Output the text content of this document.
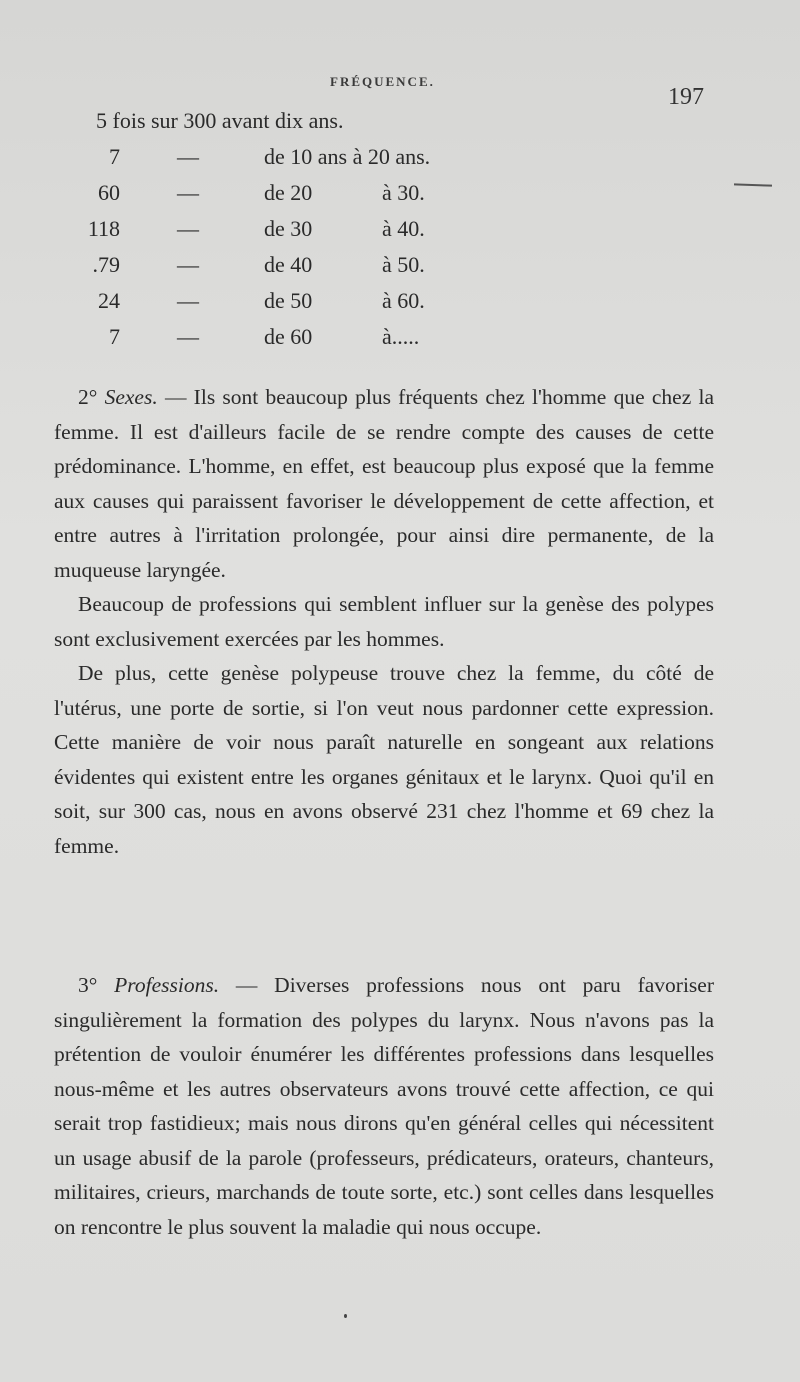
FRÉQUENCE.
197
5 fois sur 300 avant dix ans.
7	—	de 10 ans à 20 ans.
60	—	de 20	à 30.
118	—	de 30	à 40.
.79	—	de 40	à 50.
24	—	de 50	à 60.
7	—	de 60	à.....

2° Sexes. — Ils sont beaucoup plus fréquents chez l'homme que chez la femme. Il est d'ailleurs facile de se rendre compte des causes de cette prédominance. L'homme, en effet, est beaucoup plus exposé que la femme aux causes qui paraissent favoriser le développement de cette affection, et entre autres à l'irritation prolongée, pour ainsi dire permanente, de la muqueuse laryngée.

Beaucoup de professions qui semblent influer sur la genèse des polypes sont exclusivement exercées par les hommes.

De plus, cette genèse polypeuse trouve chez la femme, du côté de l'utérus, une porte de sortie, si l'on veut nous pardonner cette expression. Cette manière de voir nous paraît naturelle en songeant aux relations évidentes qui existent entre les organes génitaux et le larynx. Quoi qu'il en soit, sur 300 cas, nous en avons observé 231 chez l'homme et 69 chez la femme.

3° Professions. — Diverses professions nous ont paru favoriser singulièrement la formation des polypes du larynx. Nous n'avons pas la prétention de vouloir énumérer les différentes professions dans lesquelles nous-même et les autres observateurs avons trouvé cette affection, ce qui serait trop fastidieux; mais nous dirons qu'en général celles qui nécessitent un usage abusif de la parole (professeurs, prédicateurs, orateurs, chanteurs, militaires, crieurs, marchands de toute sorte, etc.) sont celles dans lesquelles on rencontre le plus souvent la maladie qui nous occupe.
